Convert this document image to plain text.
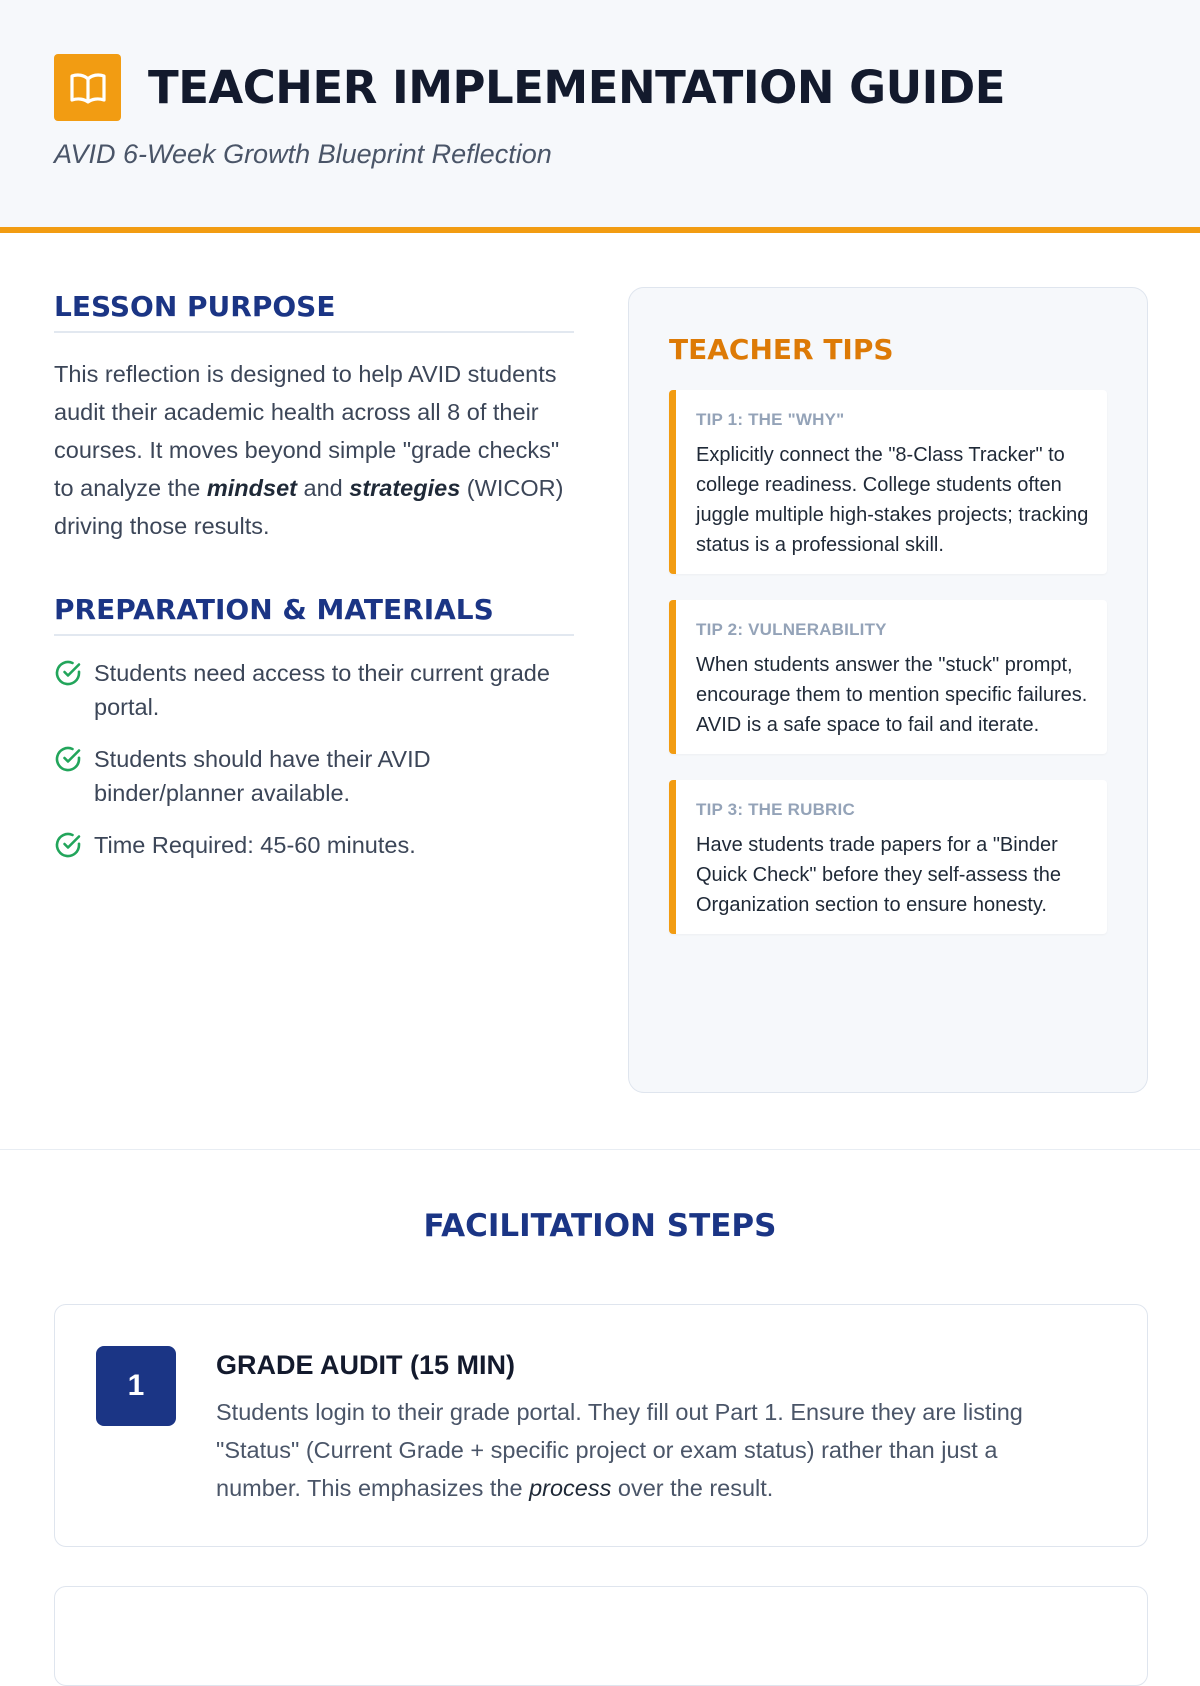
TEACHER IMPLEMENTATION GUIDE
AVID 6-Week Growth Blueprint Reflection
LESSON PURPOSE

This reflection is designed to help AVID students audit their academic health across all 8 of their courses. It moves beyond simple "grade checks" to analyze the mindset and strategies (WICOR) driving those results.

PREPARATION & MATERIALS
Students need access to their current grade portal.
Students should have their AVID binder/planner available.
Time Required: 45-60 minutes.
TEACHER TIPS
TIP 1: THE "WHY"
Explicitly connect the "8-Class Tracker" to college readiness. College students often juggle multiple high-stakes projects; tracking status is a professional skill.
TIP 2: VULNERABILITY
When students answer the "stuck" prompt, encourage them to mention specific failures. AVID is a safe space to fail and iterate.
TIP 3: THE RUBRIC
Have students trade papers for a "Binder Quick Check" before they self-assess the Organization section to ensure honesty.
FACILITATION STEPS
1
GRADE AUDIT (15 MIN)

Students login to their grade portal. They fill out Part 1. Ensure they are listing "Status" (Current Grade + specific project or exam status) rather than just a number. This emphasizes the process over the result.
